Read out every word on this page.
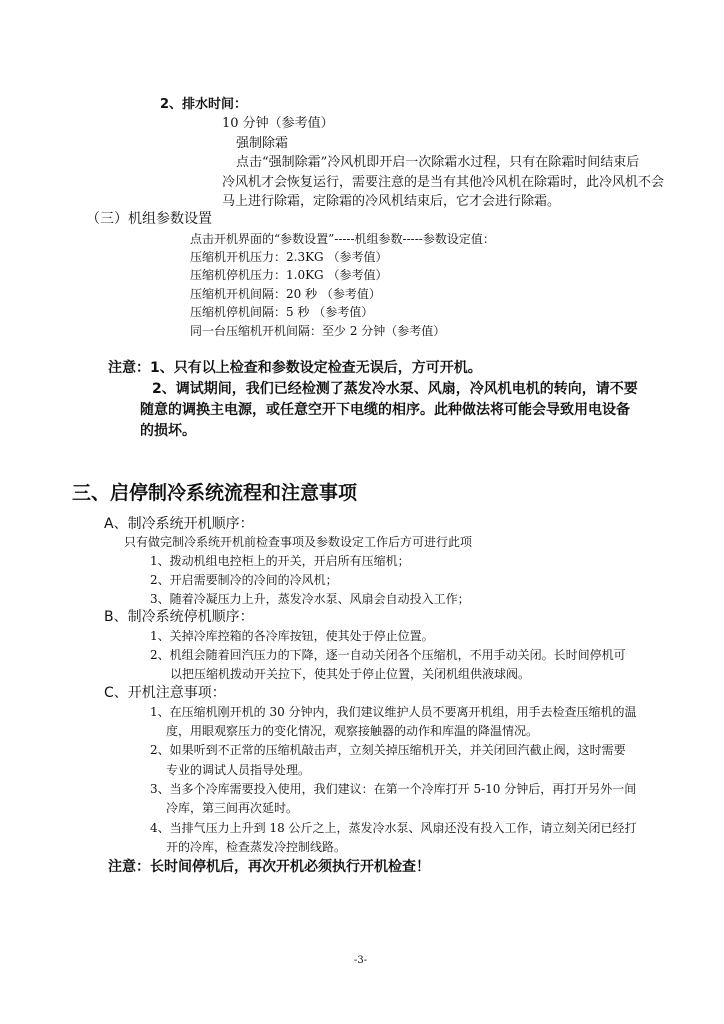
2、排水时间：
10 分钟（参考值）
强制除霜
点击“强制除霜”冷风机即开启一次除霜水过程，只有在除霜时间结束后
冷风机才会恢复运行，需要注意的是当有其他冷风机在除霜时，此冷风机不会
马上进行除霜，定除霜的冷风机结束后，它才会进行除霜。
（三）机组参数设置
点击开机界面的“参数设置”-----机组参数-----参数设定值：
压缩机开机压力：2.3KG （参考值）
压缩机停机压力：1.0KG （参考值）
压缩机开机间隔：20 秒 （参考值）
压缩机停机间隔：5 秒 （参考值）
同一台压缩机开机间隔：至少 2 分钟（参考值）
注意：1、只有以上检查和参数设定检查无误后，方可开机。
2、调试期间，我们已经检测了蒸发冷水泵、风扇，冷风机电机的转向，请不要
随意的调换主电源，或任意空开下电缆的相序。此种做法将可能会导致用电设备
的损坏。
三、启停制冷系统流程和注意事项
A、制冷系统开机顺序：
只有做完制冷系统开机前检查事项及参数设定工作后方可进行此项
1、拨动机组电控柜上的开关，开启所有压缩机；
2、开启需要制冷的冷间的冷风机；
3、随着冷凝压力上升，蒸发冷水泵、风扇会自动投入工作；
B、制冷系统停机顺序：
1、关掉冷库控箱的各冷库按钮，使其处于停止位置。
2、机组会随着回汽压力的下降，逐一自动关闭各个压缩机，不用手动关闭。长时间停机可
以把压缩机拨动开关拉下，使其处于停止位置，关闭机组供液球阀。
C、开机注意事项：
1、在压缩机刚开机的 30 分钟内，我们建议维护人员不要离开机组，用手去检查压缩机的温
度，用眼观察压力的变化情况，观察接触器的动作和库温的降温情况。
2、如果听到不正常的压缩机敲击声，立刻关掉压缩机开关，并关闭回汽截止阀，这时需要
专业的调试人员指导处理。
3、当多个冷库需要投入使用，我们建议：在第一个冷库打开 5-10 分钟后，再打开另外一间
冷库，第三间再次延时。
4、当排气压力上升到 18 公斤之上，蒸发冷水泵、风扇还没有投入工作，请立刻关闭已经打
开的冷库，检查蒸发冷控制线路。
注意：长时间停机后，再次开机必须执行开机检查！
-3-
